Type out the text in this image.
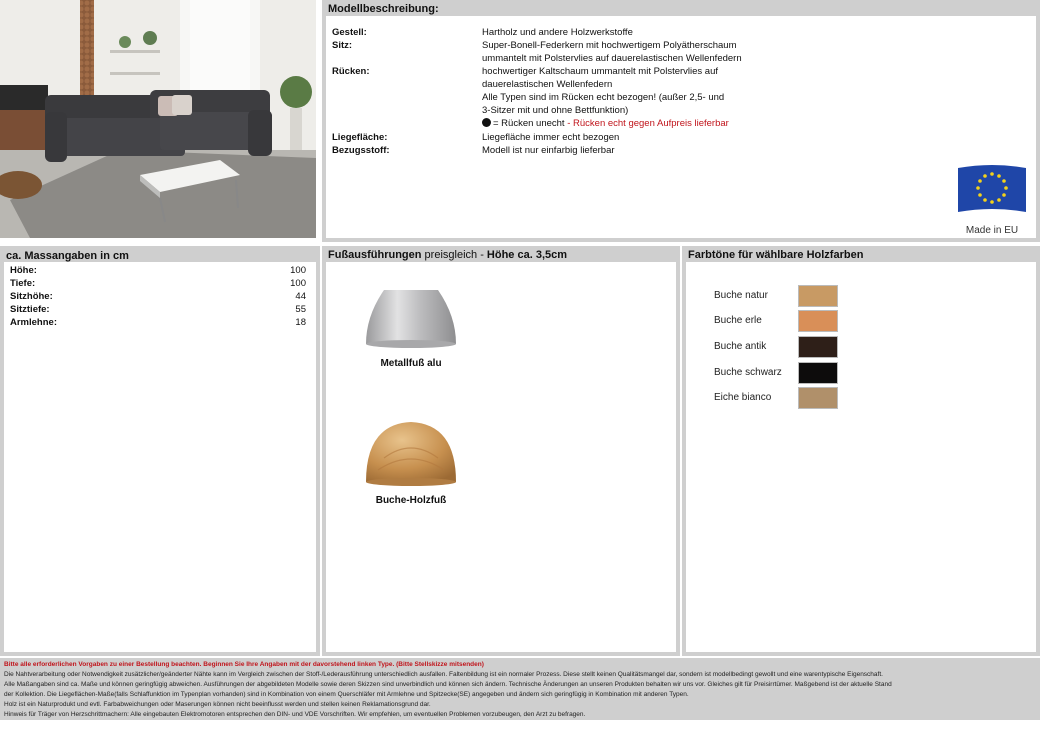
Modellbeschreibung:
Gestell:	Hartholz und andere Holzwerkstoffe
Sitz:	Super-Bonell-Federkern mit hochwertigem Polyätherschaum
ummantelt mit Polstervlies auf dauerelastischen Wellenfedern
Rücken:	hochwertiger Kaltschaum ummantelt mit Polstervlies auf
dauerelastischen Wellenfedern
Alle Typen sind im Rücken echt bezogen! (außer 2,5- und
3-Sitzer mit und ohne Bettfunktion)
= Rücken unecht - Rücken echt gegen Aufpreis lieferbar
Liegefläche:	Liegefläche immer echt bezogen
Bezugsstoff:	Modell ist nur einfarbig lieferbar
Made in EU
ca. Massangaben in cm
Höhe:	100
Tiefe:	100
Sitzhöhe:	44
Sitztiefe:	55
Armlehne:	18
Fußausführungen preisgleich - Höhe ca. 3,5cm
Metallfuß alu
Buche-Holzfuß
Farbtöne für wählbare Holzfarben
Buche natur
Buche erle
Buche antik
Buche schwarz
Eiche bianco

Bitte alle erforderlichen Vorgaben zu einer Bestellung beachten. Beginnen Sie Ihre Angaben mit der davorstehend linken Type. (Bitte Stellskizze mitsenden)

Die Nahtverarbeitung oder Notwendigkeit zusätzlicher/geänderter Nähte kann im Vergleich zwischen der Stoff-/Lederausführung unterschiedlich ausfallen. Faltenbildung ist ein normaler Prozess. Diese stellt keinen Qualitätsmangel dar, sondern ist modellbedingt gewollt und eine warentypische Eigenschaft.

Alle Maßangaben sind ca. Maße und können geringfügig abweichen. Ausführungen der abgebildeten Modelle sowie deren Skizzen sind unverbindlich und können sich ändern. Technische Änderungen an unseren Produkten behalten wir uns vor. Gleiches gilt für Preisirrtümer. Maßgebend ist der aktuelle Stand

der Kollektion. Die Liegeflächen-Maße(falls Schlaffunktion im Typenplan vorhanden) sind in Kombination von einem Querschläfer mit Armlehne und Spitzecke(SE) angegeben und ändern sich geringfügig in Kombination mit anderen Typen.

Holz ist ein Naturprodukt und evtl. Farbabweichungen oder Maserungen können nicht beeinflusst werden und stellen keinen Reklamationsgrund dar.

Hinweis für Träger von Herzschrittmachern: Alle eingebauten Elektromotoren entsprechen den DIN- und VDE Vorschriften. Wir empfehlen, um eventuellen Problemen vorzubeugen, den Arzt zu befragen.
